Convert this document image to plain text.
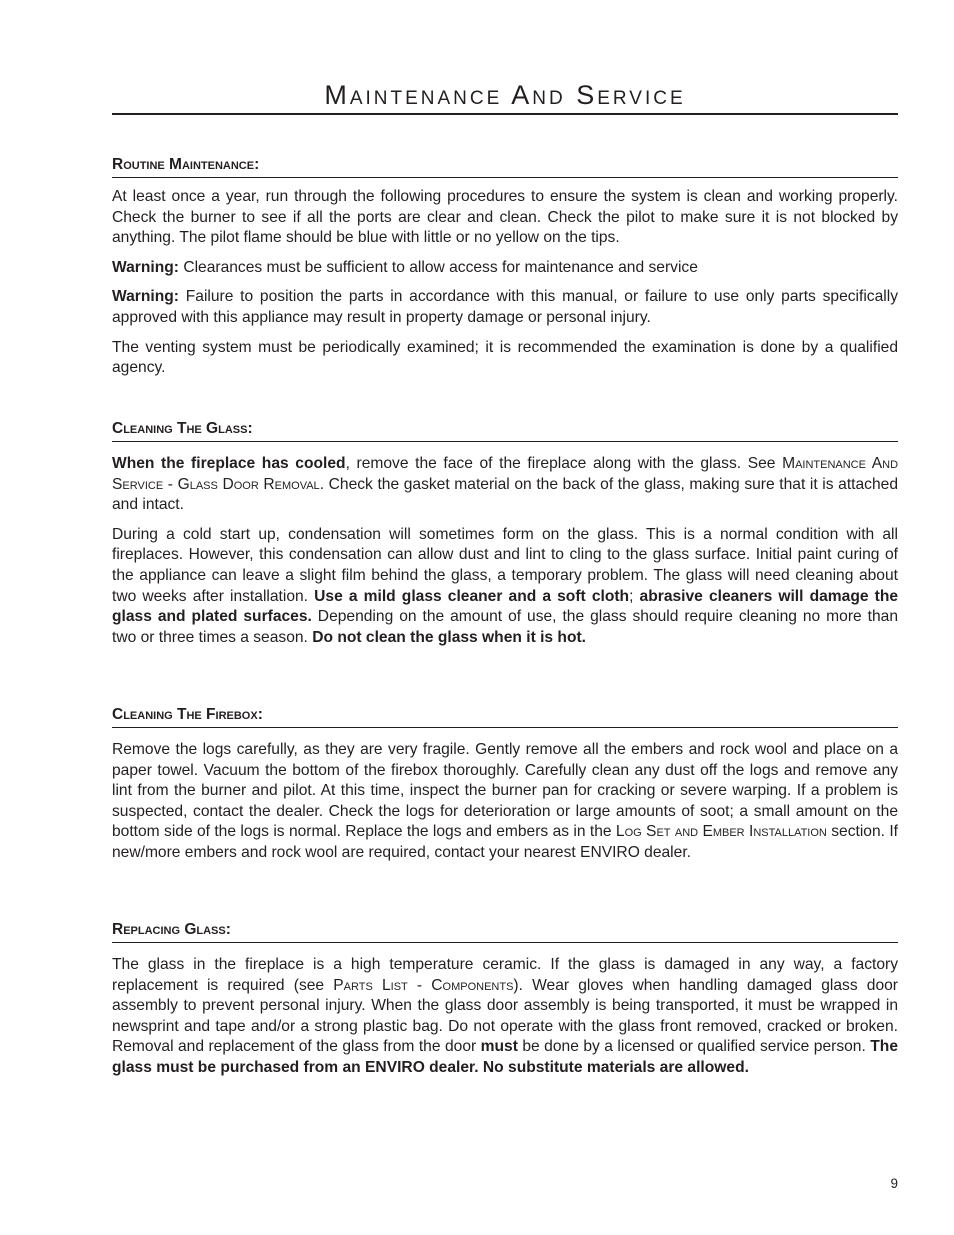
Maintenance And Service
Routine Maintenance:

At least once a year, run through the following procedures to ensure the system is clean and working properly. Check the burner to see if all the ports are clear and clean. Check the pilot to make sure it is not blocked by anything. The pilot flame should be blue with little or no yellow on the tips.

Warning: Clearances must be sufficient to allow access for maintenance and service

Warning: Failure to position the parts in accordance with this manual, or failure to use only parts specifically approved with this appliance may result in property damage or personal injury.

The venting system must be periodically examined; it is recommended the examination is done by a qualified agency.

Cleaning The Glass:

When the fireplace has cooled, remove the face of the fireplace along with the glass. See Maintenance And Service - Glass Door Removal. Check the gasket material on the back of the glass, making sure that it is attached and intact.

During a cold start up, condensation will sometimes form on the glass. This is a normal condition with all fireplaces. However, this condensation can allow dust and lint to cling to the glass surface. Initial paint curing of the appliance can leave a slight film behind the glass, a temporary problem. The glass will need cleaning about two weeks after installation. Use a mild glass cleaner and a soft cloth; abrasive cleaners will damage the glass and plated surfaces. Depending on the amount of use, the glass should require cleaning no more than two or three times a season. Do not clean the glass when it is hot.

Cleaning The Firebox:

Remove the logs carefully, as they are very fragile. Gently remove all the embers and rock wool and place on a paper towel. Vacuum the bottom of the firebox thoroughly. Carefully clean any dust off the logs and remove any lint from the burner and pilot. At this time, inspect the burner pan for cracking or severe warping. If a problem is suspected, contact the dealer. Check the logs for deterioration or large amounts of soot; a small amount on the bottom side of the logs is normal. Replace the logs and embers as in the Log Set and Ember Installation section. If new/more embers and rock wool are required, contact your nearest ENVIRO dealer.

Replacing Glass:

The glass in the fireplace is a high temperature ceramic. If the glass is damaged in any way, a factory replacement is required (see Parts List - Components). Wear gloves when handling damaged glass door assembly to prevent personal injury. When the glass door assembly is being transported, it must be wrapped in newsprint and tape and/or a strong plastic bag. Do not operate with the glass front removed, cracked or broken. Removal and replacement of the glass from the door must be done by a licensed or qualified service person. The glass must be purchased from an ENVIRO dealer. No substitute materials are allowed.

9
